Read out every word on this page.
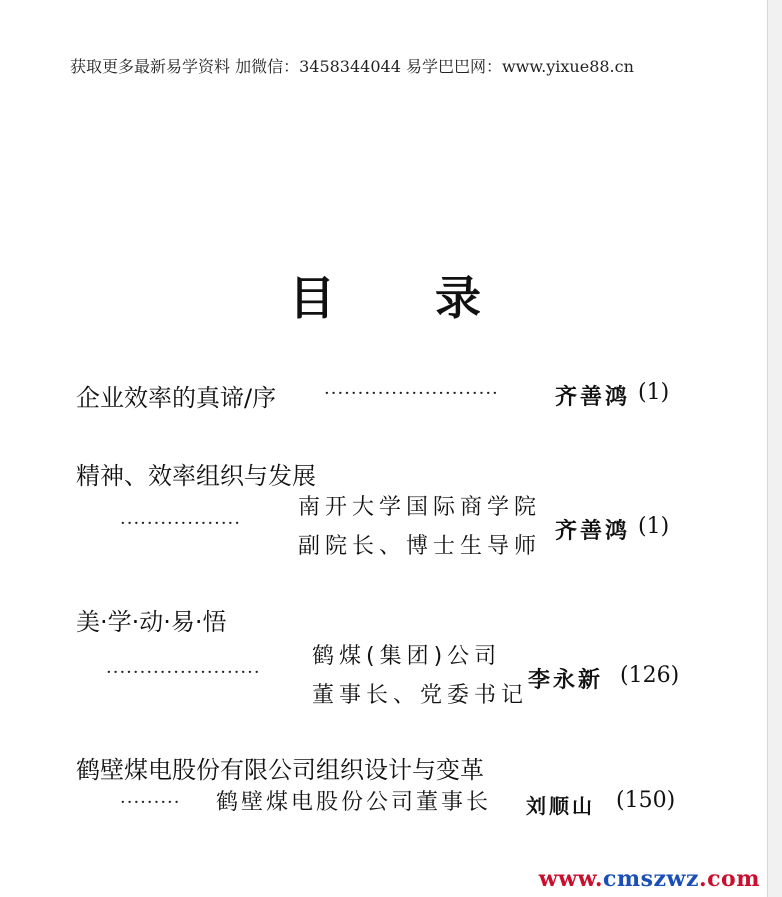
获取更多最新易学资料 加微信：3458344044 易学巴巴网：www.yixue88.cn
目 录
企业效率的真谛/序	··························	齐善鸿 (1)
精神、效率组织与发展
··················
南开大学国际商学院
副院长、博士生导师
齐善鸿 (1)
美·学·动·易·悟
·······················
鹤煤(集团)公司
董事长、党委书记
李永新 (126)
鹤壁煤电股份有限公司组织设计与变革
········· 鹤壁煤电股份公司董事长 刘顺山 (150)
www.cmszwz.com
